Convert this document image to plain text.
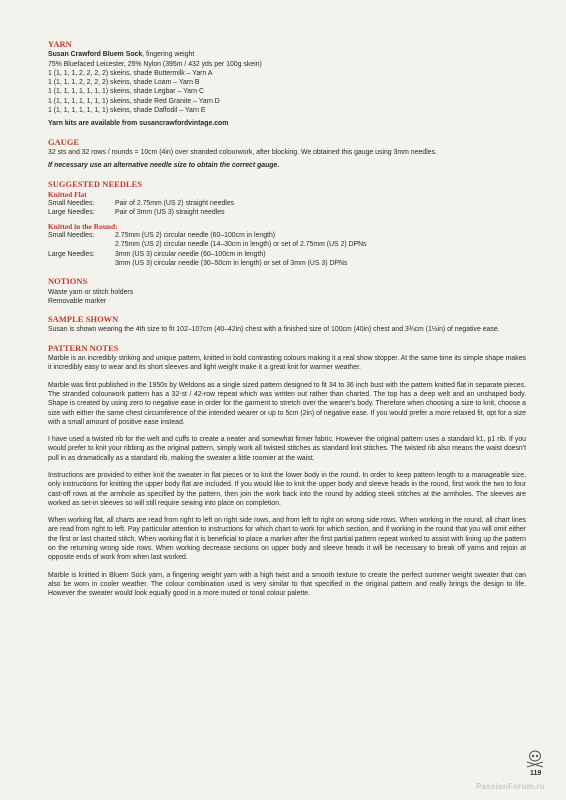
YARN
Susan Crawford Bluem Sock, fingering weight
75% Bluefaced Leicester, 25% Nylon (395m / 432 yds per 100g skein)
1 (1, 1, 1, 2, 2, 2, 2) skeins, shade Buttermilk – Yarn A
1 (1, 1, 1, 2, 2, 2, 2) skeins, shade Loam – Yarn B
1 (1, 1, 1, 1, 1, 1, 1) skeins, shade Legbar – Yarn C
1 (1, 1, 1, 1, 1, 1, 1) skeins, shade Red Granite – Yarn D
1 (1, 1, 1, 1, 1, 1, 1) skeins, shade Daffodil – Yarn E
Yarn kits are available from susancrawfordvintage.com
GAUGE
32 sts and 32 rows / rounds = 10cm (4in) over stranded colourwork, after blocking. We obtained this gauge using 3mm needles.
If necessary use an alternative needle size to obtain the correct gauge.
SUGGESTED NEEDLES
Knitted Flat
Small Needles:	Pair of 2.75mm (US 2) straight needles
Large Needles:	Pair of 3mm (US 3) straight needles
Knitted in the Round:
Small Needles:	2.75mm (US 2) circular needle (60–100cm in length)
2.75mm (US 2) circular needle (14–30cm in length) or set of 2.75mm (US 2) DPNs
Large Needles:	3mm (US 3) circular needle (60–100cm in length)
3mm (US 3) circular needle (30–50cm in length) or set of 3mm (US 3) DPNs
NOTIONS
Waste yarn or stitch holders
Removable marker
SAMPLE SHOWN
Susan is shown wearing the 4th size to fit 102–107cm (40–42in) chest with a finished size of 100cm (40in) chest and 3¾cm (1½in) of negative ease.
PATTERN NOTES

Marble is an incredibly striking and unique pattern, knitted in bold contrasting colours making it a real show stopper. At the same time its simple shape makes it incredibly easy to wear and its short sleeves and light weight make it a great knit for warmer weather.

Marble was first published in the 1950s by Weldons as a single sized pattern designed to fit 34 to 36 inch bust with the pattern knitted flat in separate pieces. The stranded colourwork pattern has a 32-st / 42-row repeat which was written out rather than charted. The top has a deep welt and an unshaped body. Shape is created by using zero to negative ease in order for the garment to stretch over the wearer's body. Therefore when choosing a size to knit, choose a size with either the same chest circumference of the intended wearer or up to 5cm (2in) of negative ease. If you would prefer a more relaxed fit, opt for a size with a small amount of positive ease instead.

I have used a twisted rib for the welt and cuffs to create a neater and somewhat firmer fabric. However the original pattern uses a standard k1, p1 rib. If you would prefer to knit your ribbing as the original pattern, simply work all twisted stitches as standard knit stitches. The twisted rib also means the waist doesn't pull in as dramatically as a standard rib, making the sweater a little roomier at the waist.

Instructions are provided to either knit the sweater in flat pieces or to knit the lower body in the round. In order to keep pattern length to a manageable size, only instructions for knitting the upper body flat are included. If you would like to knit the upper body and sleeve heads in the round, first work the two to four cast-off rows at the armhole as specified by the pattern, then join the work back into the round by adding steek stitches at the armholes. The sleeves are worked as set-in sleeves so will still require sewing into place on completion.

When working flat, all charts are read from right to left on right side rows, and from left to right on wrong side rows. When working in the round, all chart lines are read from right to left. Pay particular attention to instructions for which chart to work for which section, and if working in the round that you will omit either the first or last charted stitch. When working flat it is beneficial to place a marker after the first partial pattern repeat worked to assist with lining up the pattern on the returning wrong side rows. When working decrease sections on upper body and sleeve heads it will be necessary to break off yarns and rejoin at opposite ends of work from when last worked.

Marble is knitted in Bluem Sock yarn, a fingering weight yarn with a high twist and a smooth texture to create the perfect summer weight sweater that can also be worn in cooler weather. The colour combination used is very similar to that specified in the original pattern and really brings the design to life. However the sweater would look equally good in a more muted or tonal colour palette.

119
PassionForum.ru
